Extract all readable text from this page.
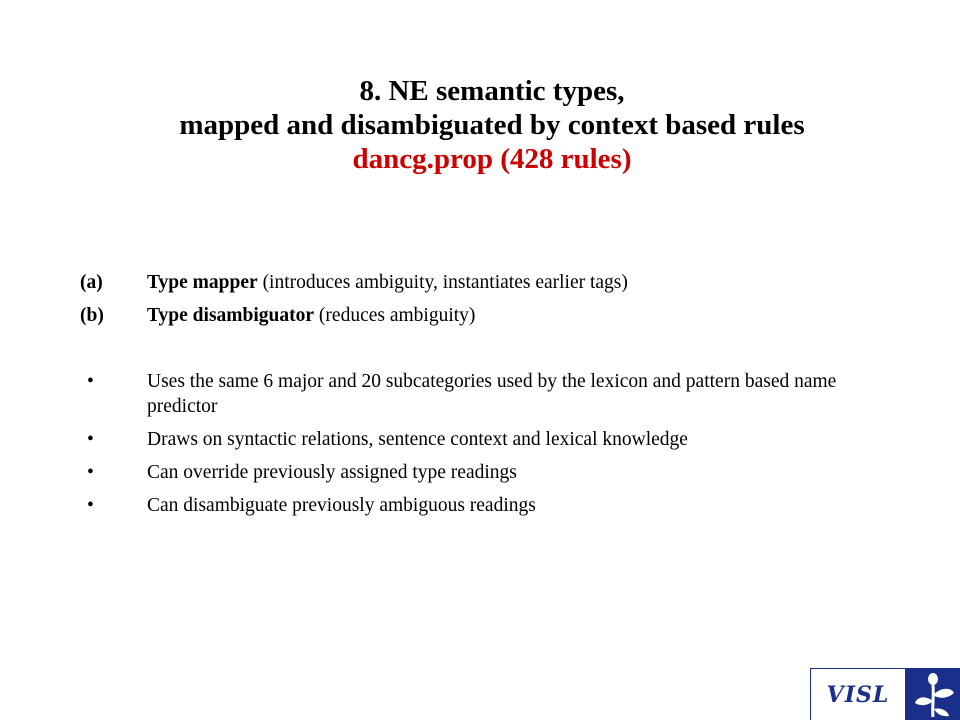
8. NE semantic types,
mapped and disambiguated by context based rules
dancg.prop (428 rules)
(a)	Type mapper (introduces ambiguity, instantiates earlier tags)
(b)	Type disambiguator (reduces ambiguity)
•	Uses the same 6 major and 20 subcategories used by the lexicon and pattern based name predictor
•	Draws on syntactic relations, sentence context and lexical knowledge
•	Can override previously assigned type readings
•	Can disambiguate previously ambiguous readings
VISL
